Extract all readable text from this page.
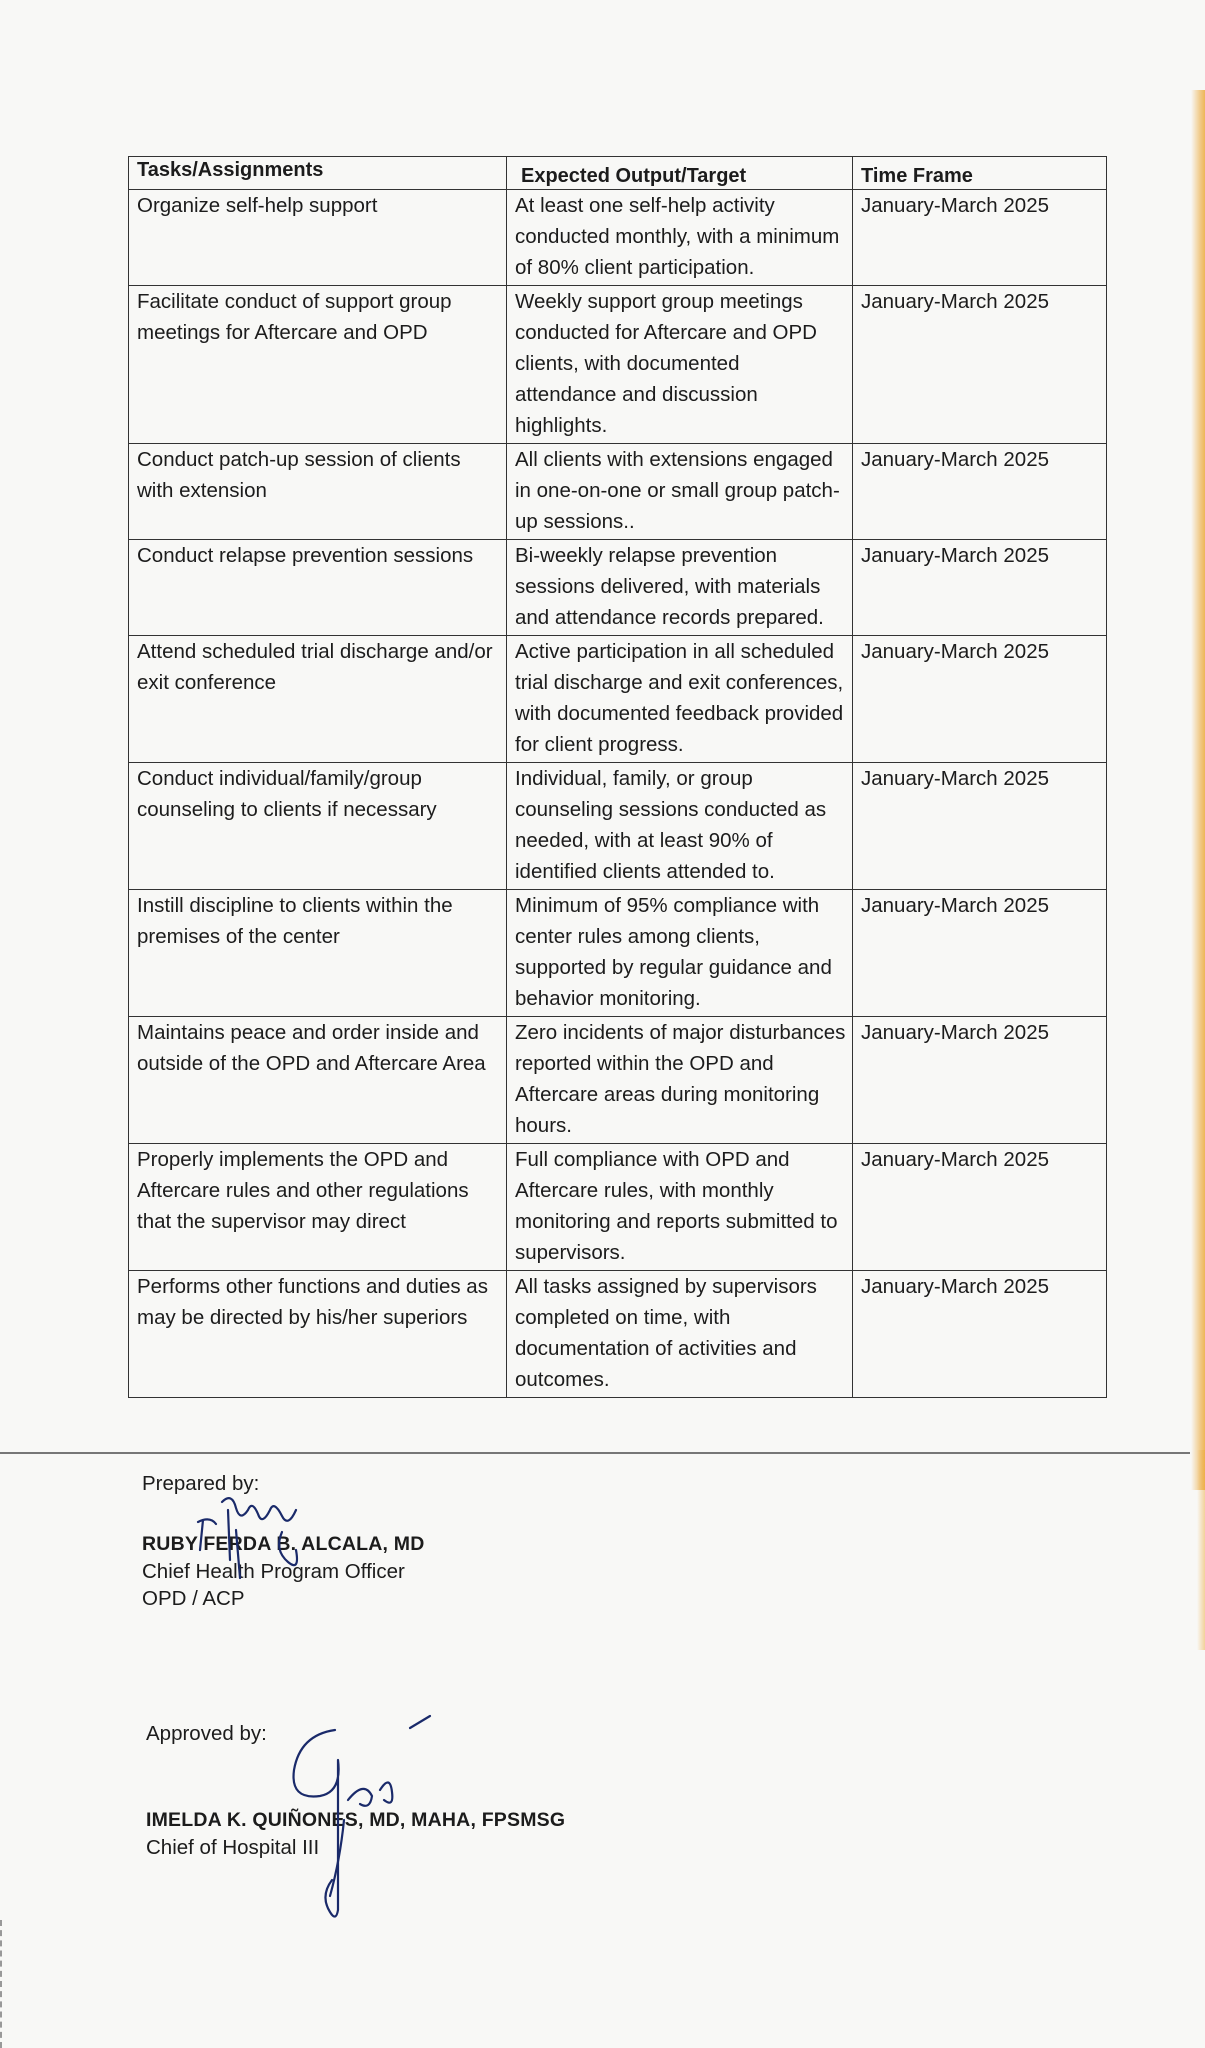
Tasks/Assignments	Expected Output/Target	Time Frame
Organize self-help support	At least one self-help activity conducted monthly, with a minimum of 80% client participation.	January-March 2025
Facilitate conduct of support group meetings for Aftercare and OPD	Weekly support group meetings conducted for Aftercare and OPD clients, with documented attendance and discussion highlights.	January-March 2025
Conduct patch-up session of clients with extension	All clients with extensions engaged in one-on-one or small group patch-up sessions..	January-March 2025
Conduct relapse prevention sessions	Bi-weekly relapse prevention sessions delivered, with materials and attendance records prepared.	January-March 2025
Attend scheduled trial discharge and/or exit conference	Active participation in all scheduled trial discharge and exit conferences, with documented feedback provided for client progress.	January-March 2025
Conduct individual/family/group counseling to clients if necessary	Individual, family, or group counseling sessions conducted as needed, with at least 90% of identified clients attended to.	January-March 2025
Instill discipline to clients within the premises of the center	Minimum of 95% compliance with center rules among clients, supported by regular guidance and behavior monitoring.	January-March 2025
Maintains peace and order inside and outside of the OPD and Aftercare Area	Zero incidents of major disturbances reported within the OPD and Aftercare areas during monitoring hours.	January-March 2025
Properly implements the OPD and Aftercare rules and other regulations that the supervisor may direct	Full compliance with OPD and Aftercare rules, with monthly monitoring and reports submitted to supervisors.	January-March 2025
Performs other functions and duties as may be directed by his/her superiors	All tasks assigned by supervisors completed on time, with documentation of activities and outcomes.	January-March 2025
Prepared by:
RUBY FERDA B. ALCALA, MD
Chief Health Program Officer
OPD / ACP
Approved by:
IMELDA K. QUIÑONES, MD, MAHA, FPSMSG
Chief of Hospital III
